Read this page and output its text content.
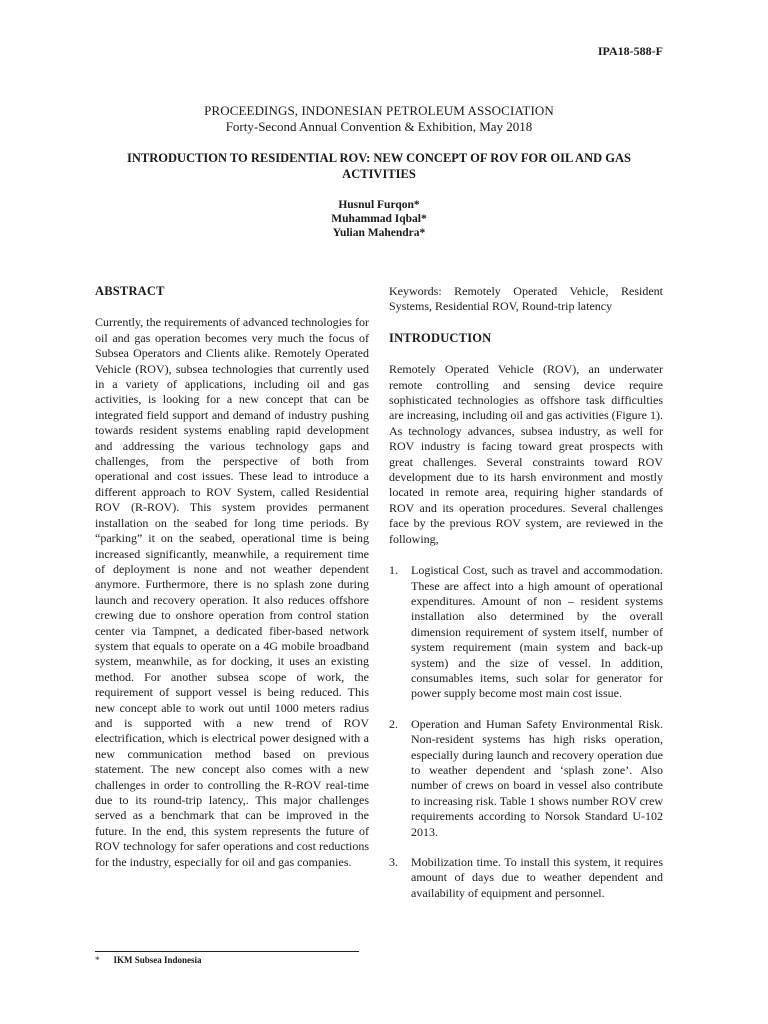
IPA18-588-F
PROCEEDINGS, INDONESIAN PETROLEUM ASSOCIATION
Forty-Second Annual Convention & Exhibition, May 2018
INTRODUCTION TO RESIDENTIAL ROV: NEW CONCEPT OF ROV FOR OIL AND GAS ACTIVITIES
Husnul Furqon*
Muhammad Iqbal*
Yulian Mahendra*
ABSTRACT

Currently, the requirements of advanced technologies for oil and gas operation becomes very much the focus of Subsea Operators and Clients alike. Remotely Operated Vehicle (ROV), subsea technologies that currently used in a variety of applications, including oil and gas activities, is looking for a new concept that can be integrated field support and demand of industry pushing towards resident systems enabling rapid development and addressing the various technology gaps and challenges, from the perspective of both from operational and cost issues. These lead to introduce a different approach to ROV System, called Residential ROV (R-ROV). This system provides permanent installation on the seabed for long time periods. By “parking” it on the seabed, operational time is being increased significantly, meanwhile, a requirement time of deployment is none and not weather dependent anymore. Furthermore, there is no splash zone during launch and recovery operation. It also reduces offshore crewing due to onshore operation from control station center via Tampnet, a dedicated fiber-based network system that equals to operate on a 4G mobile broadband system, meanwhile, as for docking, it uses an existing method. For another subsea scope of work, the requirement of support vessel is being reduced. This new concept able to work out until 1000 meters radius and is supported with a new trend of ROV electrification, which is electrical power designed with a new communication method based on previous statement. The new concept also comes with a new challenges in order to controlling the R-ROV real-time due to its round-trip latency,. This major challenges served as a benchmark that can be improved in the future. In the end, this system represents the future of ROV technology for safer operations and cost reductions for the industry, especially for oil and gas companies.

Keywords: Remotely Operated Vehicle, Resident Systems, Residential ROV, Round-trip latency

INTRODUCTION

Remotely Operated Vehicle (ROV), an underwater remote controlling and sensing device require sophisticated technologies as offshore task difficulties are increasing, including oil and gas activities (Figure 1). As technology advances, subsea industry, as well for ROV industry is facing toward great prospects with great challenges. Several constraints toward ROV development due to its harsh environment and mostly located in remote area, requiring higher standards of ROV and its operation procedures. Several challenges face by the previous ROV system, are reviewed in the following,

1. Logistical Cost, such as travel and accommodation. These are affect into a high amount of operational expenditures. Amount of non – resident systems installation also determined by the overall dimension requirement of system itself, number of system requirement (main system and back-up system) and the size of vessel. In addition, consumables items, such solar for generator for power supply become most main cost issue.
2. Operation and Human Safety Environmental Risk. Non-resident systems has high risks operation, especially during launch and recovery operation due to weather dependent and ‘splash zone’. Also number of crews on board in vessel also contribute to increasing risk. Table 1 shows number ROV crew requirements according to Norsok Standard U-102 2013.
3. Mobilization time. To install this system, it requires amount of days due to weather dependent and availability of equipment and personnel.
* IKM Subsea Indonesia
